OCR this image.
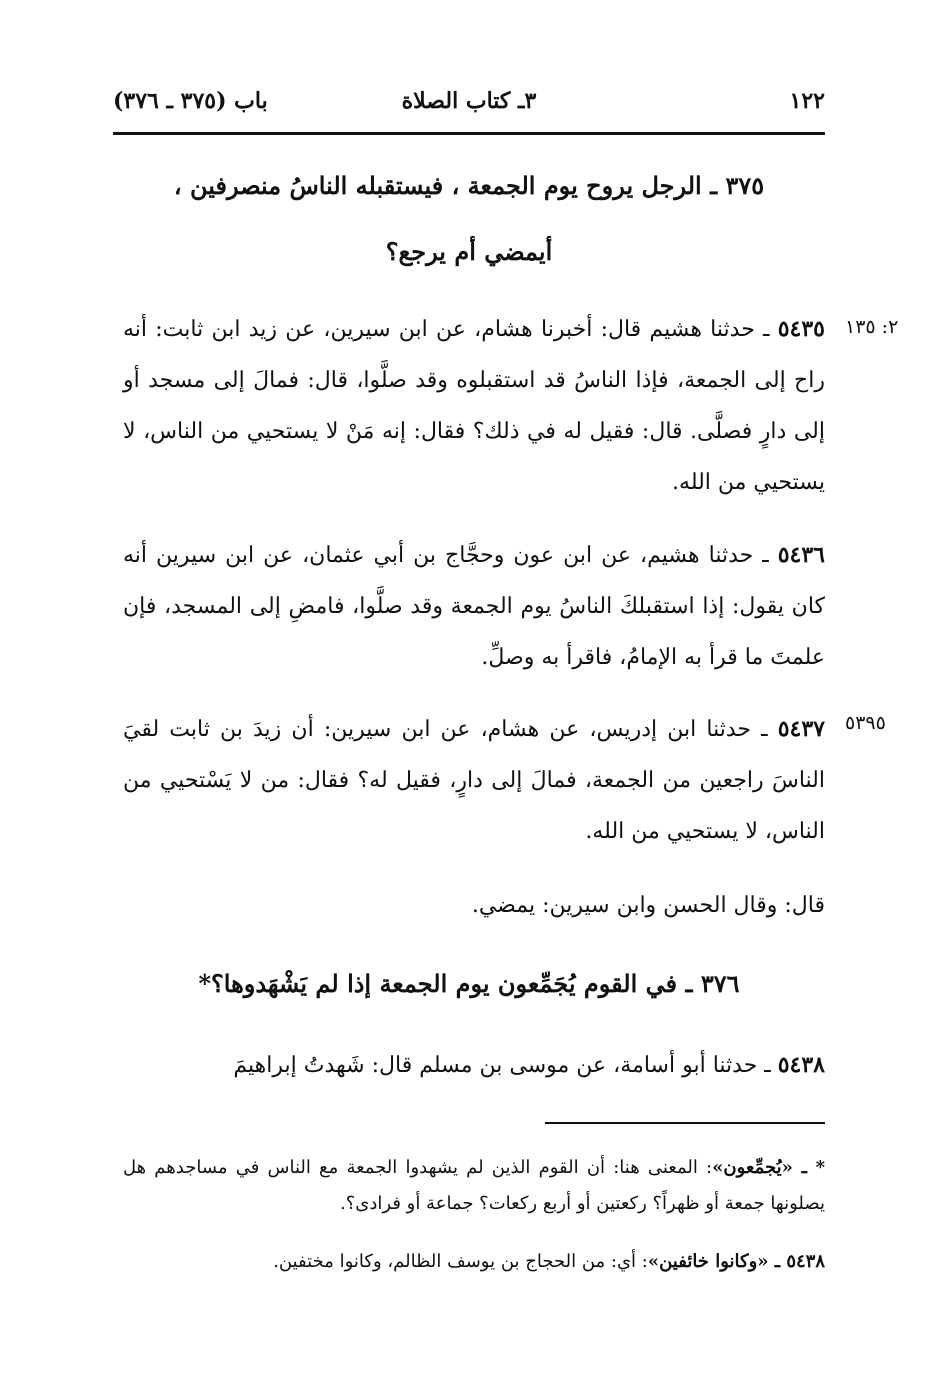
١٢٢
٣ـ كتاب الصلاة
باب (٣٧٥ ـ ٣٧٦)
٣٧٥ ـ الرجل يروح يوم الجمعة ، فيستقبله الناسُ منصرفين ،
أيمضي أم يرجع؟
٢: ١٣٥
٥٤٣٥ ـ حدثنا هشيم قال: أخبرنا هشام، عن ابن سيرين، عن زيد ابن ثابت: أنه راح إلى الجمعة، فإذا الناسُ قد استقبلوه وقد صلَّوا، قال: فمالَ إلى مسجد أو إلى دارٍ فصلَّى. قال: فقيل له في ذلك؟ فقال: إنه مَنْ لا يستحيي من الناس، لا يستحيي من الله.
٥٤٣٦ ـ حدثنا هشيم، عن ابن عون وحجَّاج بن أبي عثمان، عن ابن سيرين أنه كان يقول: إذا استقبلكَ الناسُ يوم الجمعة وقد صلَّوا، فامضِ إلى المسجد، فإن علمتَ ما قرأ به الإمامُ، فاقرأ به وصلِّ.
٥٣٩٥
٥٤٣٧ ـ حدثنا ابن إدريس، عن هشام، عن ابن سيرين: أن زيدَ بن ثابت لقيَ الناسَ راجعين من الجمعة، فمالَ إلى دارٍ، فقيل له؟ فقال: من لا يَسْتحيي من الناس، لا يستحيي من الله.
قال: وقال الحسن وابن سيرين: يمضي.
٣٧٦ ـ في القوم يُجَمِّعون يوم الجمعة إذا لم يَشْهَدوها؟*
٥٤٣٨ ـ حدثنا أبو أسامة، عن موسى بن مسلم قال: شَهدتُ إبراهيمَ
* ـ «يُجمِّعون»: المعنى هنا: أن القوم الذين لم يشهدوا الجمعة مع الناس في مساجدهم هل يصلونها جمعة أو ظهراً؟ ركعتين أو أربع ركعات؟ جماعة أو فرادى؟.
٥٤٣٨ ـ «وكانوا خائفين»: أي: من الحجاج بن يوسف الظالم، وكانوا مختفين.
